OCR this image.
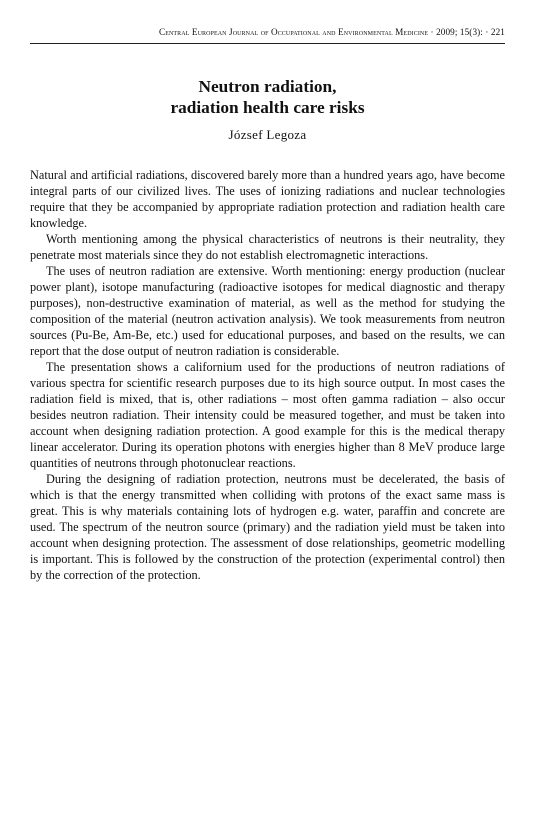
Central European Journal of Occupational and Environmental Medicine · 2009; 15(3): · 221
Neutron radiation,
radiation health care risks
József Legoza

Natural and artificial radiations, discovered barely more than a hundred years ago, have become integral parts of our civilized lives. The uses of ionizing radiations and nuclear technologies require that they be accompanied by appropriate radiation protection and radiation health care knowledge.

Worth mentioning among the physical characteristics of neutrons is their neutrality, they penetrate most materials since they do not establish electromagnetic interactions.

The uses of neutron radiation are extensive. Worth mentioning: energy production (nuclear power plant), isotope manufacturing (radioactive isotopes for medical diagnostic and therapy purposes), non-destructive examination of material, as well as the method for studying the composition of the material (neutron activation analysis). We took measurements from neutron sources (Pu-Be, Am-Be, etc.) used for educational purposes, and based on the results, we can report that the dose output of neutron radiation is considerable.

The presentation shows a californium used for the productions of neutron radiations of various spectra for scientific research purposes due to its high source output. In most cases the radiation field is mixed, that is, other radiations – most often gamma radiation – also occur besides neutron radiation. Their intensity could be measured together, and must be taken into account when designing radiation protection. A good example for this is the medical therapy linear accelerator. During its operation photons with energies higher than 8 MeV produce large quantities of neutrons through photonuclear reactions.

During the designing of radiation protection, neutrons must be decelerated, the basis of which is that the energy transmitted when colliding with protons of the exact same mass is great. This is why materials containing lots of hydrogen e.g. water, paraffin and concrete are used. The spectrum of the neutron source (primary) and the radiation yield must be taken into account when designing protection. The assessment of dose relationships, geometric modelling is important. This is followed by the construction of the protection (experimental control) then by the correction of the protection.
